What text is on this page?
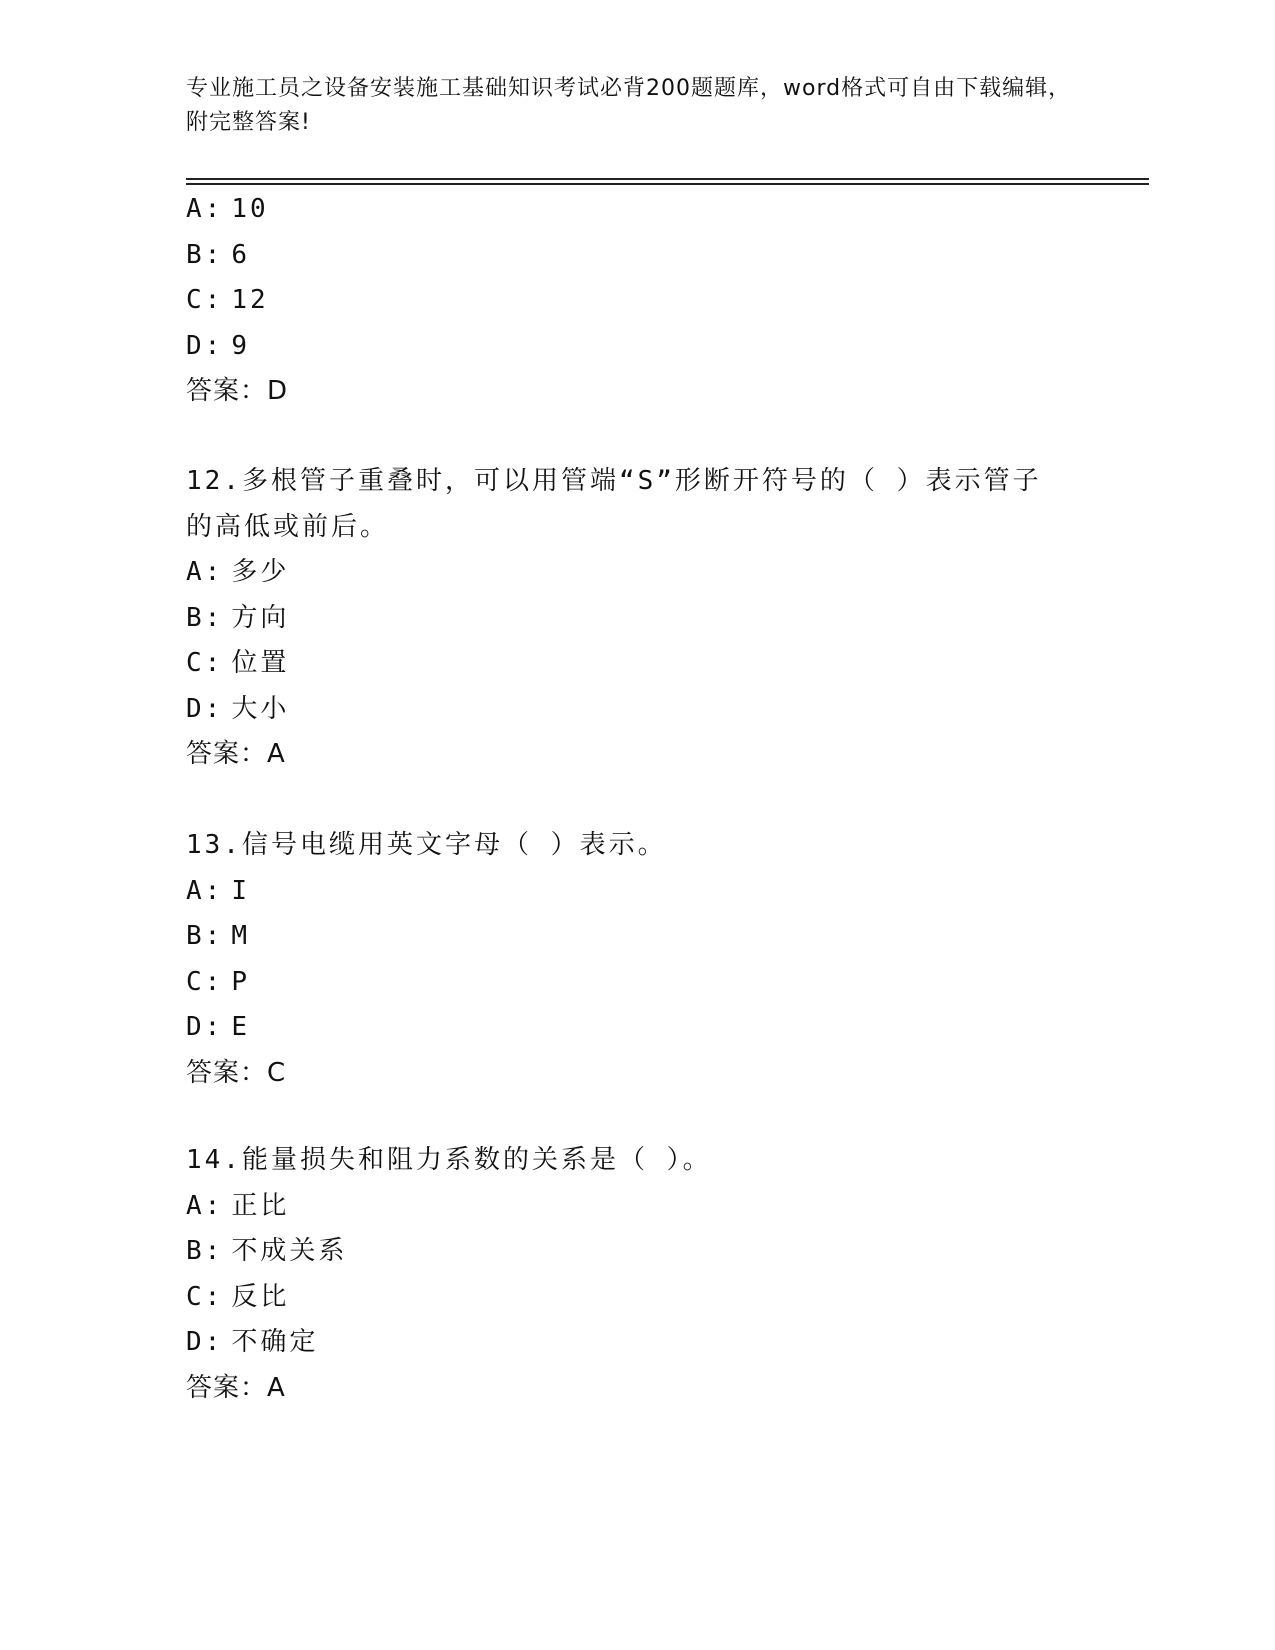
专业施工员之设备安装施工基础知识考试必背200题题库，word格式可自由下载编辑，附完整答案!
A: 10
B: 6
C: 12
D: 9
答案：D
12.多根管子重叠时，可以用管端“S”形断开符号的（ ）表示管子的高低或前后。
A: 多少
B: 方向
C: 位置
D: 大小
答案：A
13.信号电缆用英文字母（ ）表示。
A: I
B: M
C: P
D: E
答案：C
14.能量损失和阻力系数的关系是（ ）。
A: 正比
B: 不成关系
C: 反比
D: 不确定
答案：A
